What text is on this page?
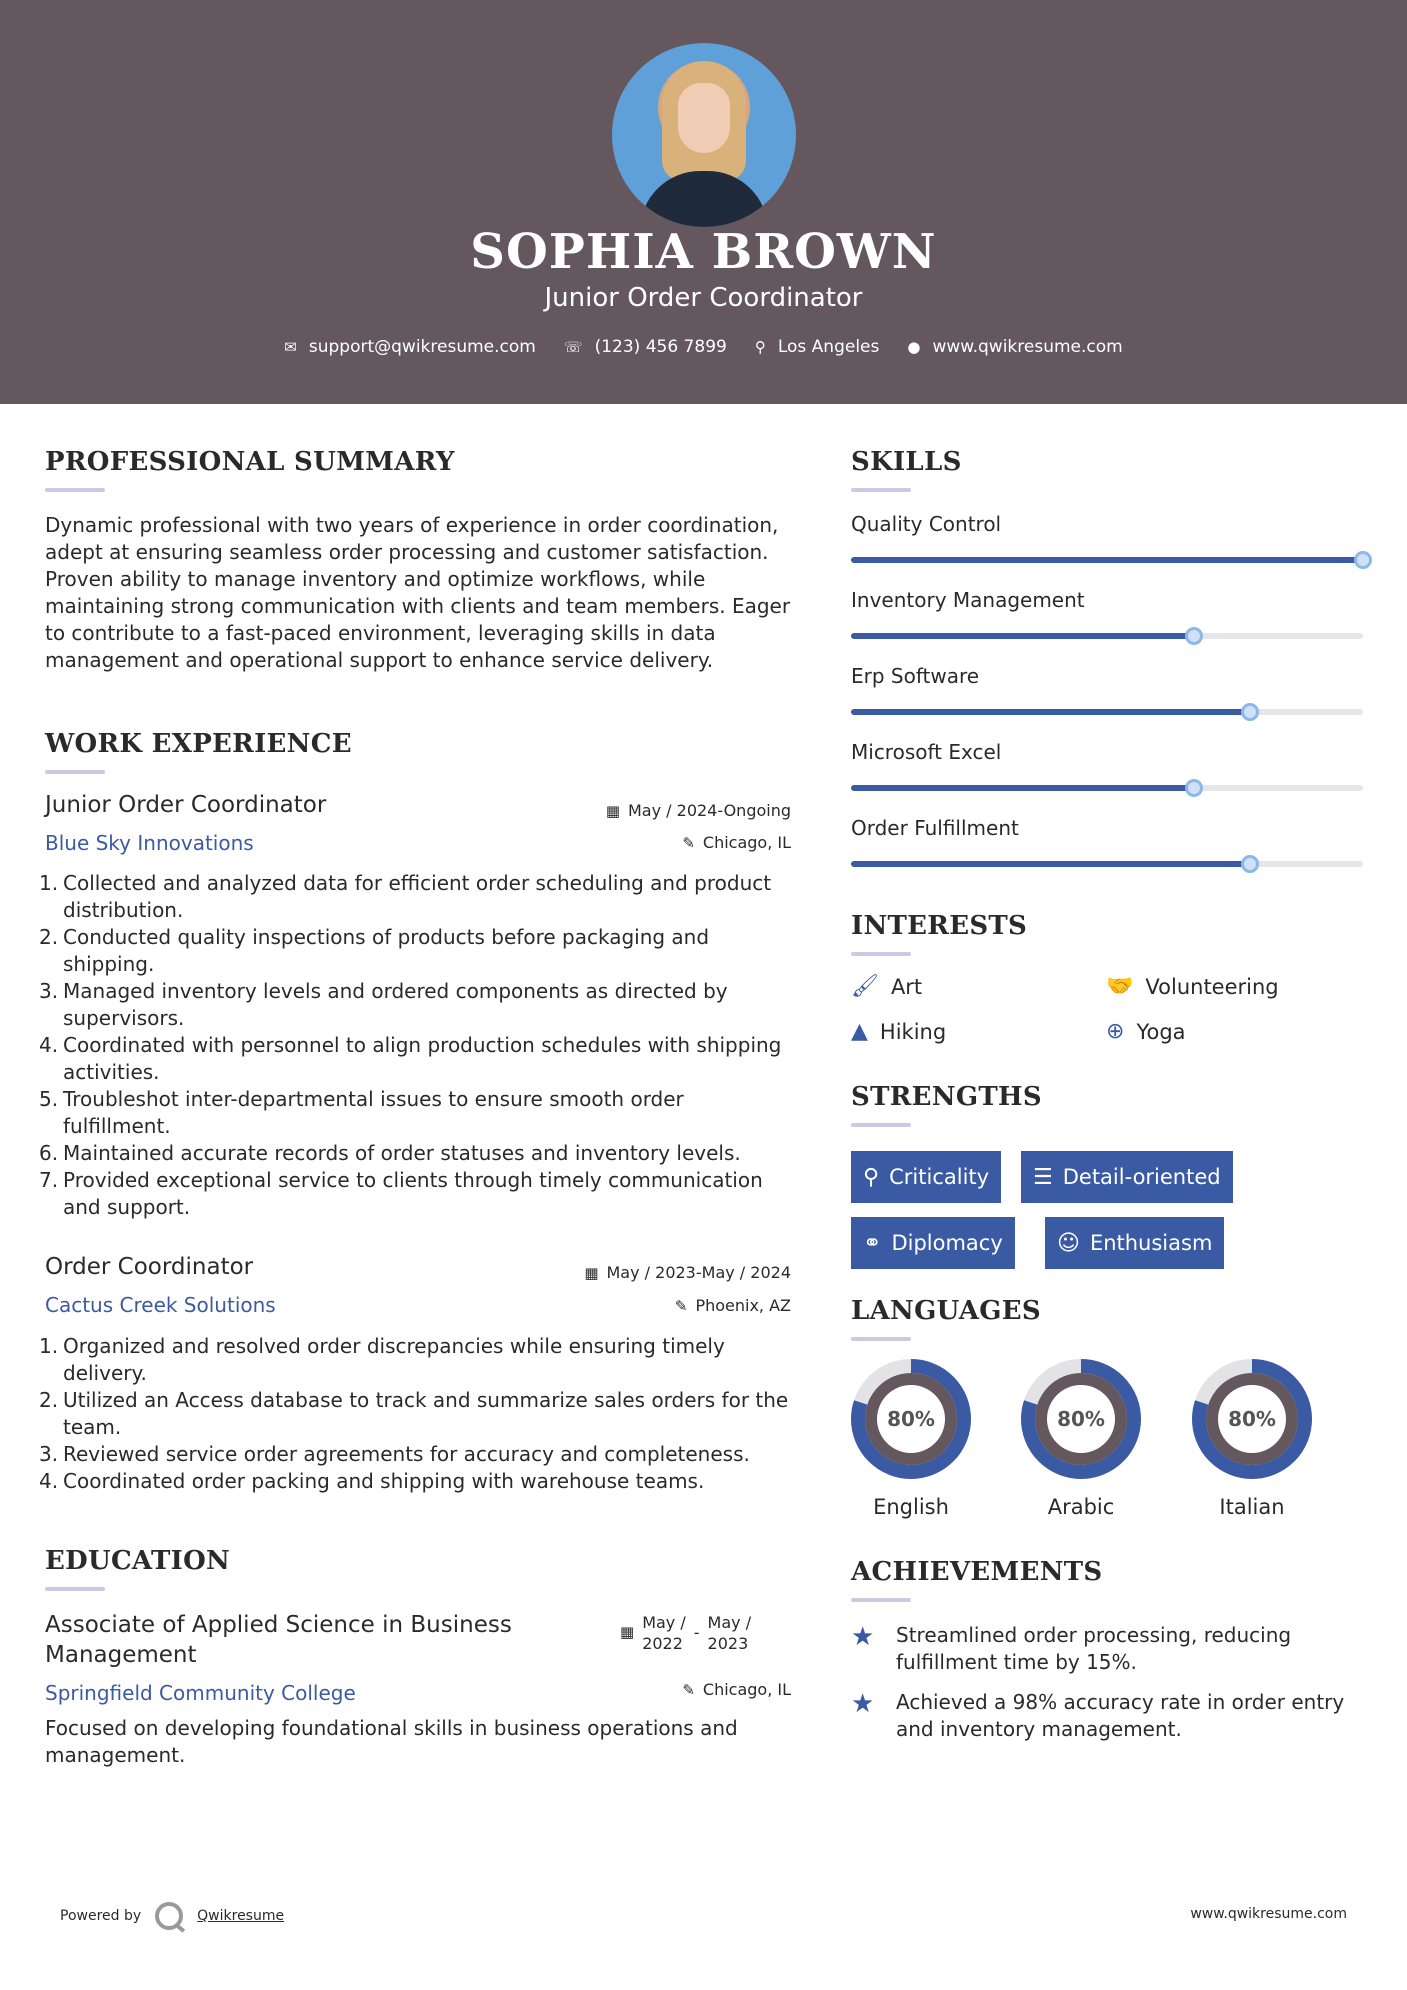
SOPHIA BROWN
Junior Order Coordinator
✉ support@qwikresume.com ☏ (123) 456 7899 ⚲ Los Angeles ● www.qwikresume.com
PROFESSIONAL SUMMARY
Dynamic professional with two years of experience in order coordination, adept at ensuring seamless order processing and customer satisfaction. Proven ability to manage inventory and optimize workflows, while maintaining strong communication with clients and team members. Eager to contribute to a fast-paced environment, leveraging skills in data management and operational support to enhance service delivery.
WORK EXPERIENCE
Junior Order Coordinator	▦ May / 2024-Ongoing
Blue Sky Innovations	✎ Chicago, IL
1. Collected and analyzed data for efficient order scheduling and product distribution.
2. Conducted quality inspections of products before packaging and shipping.
3. Managed inventory levels and ordered components as directed by supervisors.
4. Coordinated with personnel to align production schedules with shipping activities.
5. Troubleshot inter-departmental issues to ensure smooth order fulfillment.
6. Maintained accurate records of order statuses and inventory levels.
7. Provided exceptional service to clients through timely communication and support.
Order Coordinator	▦ May / 2023-May / 2024
Cactus Creek Solutions	✎ Phoenix, AZ
1. Organized and resolved order discrepancies while ensuring timely delivery.
2. Utilized an Access database to track and summarize sales orders for the team.
3. Reviewed service order agreements for accuracy and completeness.
4. Coordinated order packing and shipping with warehouse teams.
EDUCATION
Associate of Applied Science in Business
Management
▦ May /
2022
-
May /
2023
Springfield Community College	✎ Chicago, IL
Focused on developing foundational skills in business operations and management.
SKILLS
Quality Control
Inventory Management
Erp Software
Microsoft Excel
Order Fulfillment
INTERESTS
🖌 Art	🤝 Volunteering
▲ Hiking	⊕ Yoga
STRENGTHS
⚲ Criticality ☰ Detail-oriented
⚭ Diplomacy ☺ Enthusiasm
LANGUAGES
80%
English
80%
Arabic
80%
Italian
ACHIEVEMENTS
★ Streamlined order processing, reducing
fulfillment time by 15%.
★ Achieved a 98% accuracy rate in order entry
and inventory management.
Powered by	Qwikresume	www.qwikresume.com
